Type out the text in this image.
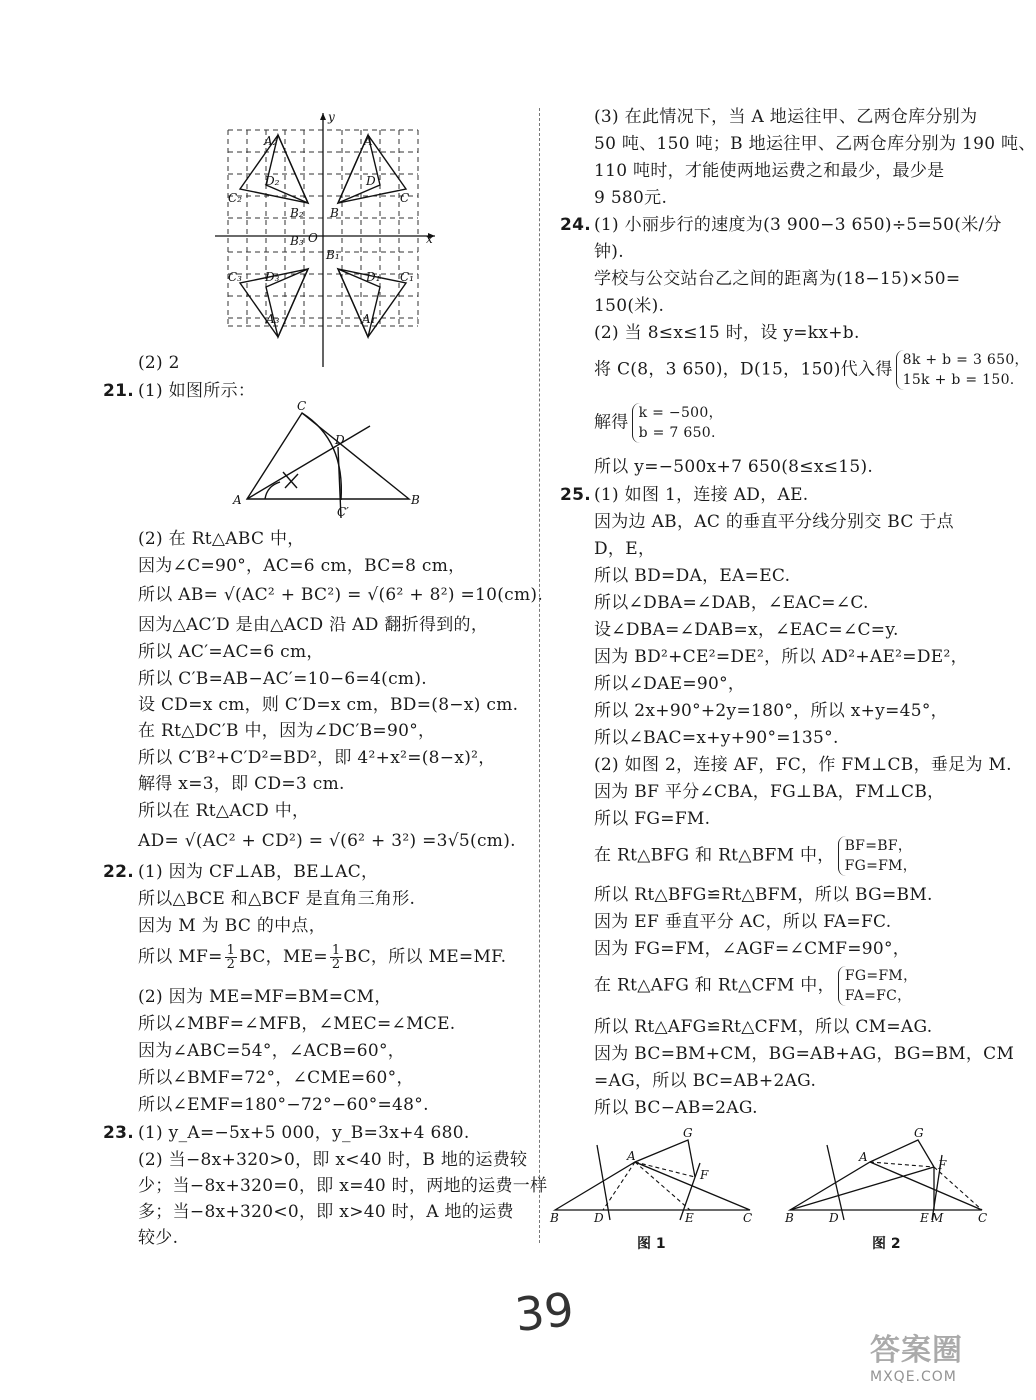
y
x
O
A
A₂
D₂	D
C₂	C
B₂ B
B₃
B₁
C₃ D₃	D₁ C₁
A₃	A₁
(2) 2
21. (1) 如图所示：
A	B
C
D
C′
(2) 在 Rt△ABC 中，
因为∠C=90°，AC=6 cm，BC=8 cm，
所以 AB= √(AC² + BC²) = √(6² + 8²) =10(cm).
因为△AC′D 是由△ACD 沿 AD 翻折得到的，
所以 AC′=AC=6 cm，
所以 C′B=AB−AC′=10−6=4(cm).
设 CD=x cm，则 C′D=x cm，BD=(8−x) cm.
在 Rt△DC′B 中，因为∠DC′B=90°，
所以 C′B²+C′D²=BD²，即 4²+x²=(8−x)²，
解得 x=3，即 CD=3 cm.
所以在 Rt△ACD 中，
AD= √(AC² + CD²) = √(6² + 3²) =3√5(cm).
22. (1) 因为 CF⊥AB，BE⊥AC，
所以△BCE 和△BCF 是直角三角形.
因为 M 为 BC 的中点，
所以 $MF= \frac{1}{2}$ BC，$ME= \frac{1}{2}$ BC，所以 ME=MF.
(2) 因为 ME=MF=BM=CM，
所以∠MBF=∠MFB，∠MEC=∠MCE.
因为∠ABC=54°，∠ACB=60°，
所以∠BMF=72°，∠CME=60°，
所以∠EMF=180°−72°−60°=48°.
23. (1) y_A=−5x+5 000，y_B=3x+4 680.
(2) 当−8x+320>0，即 x<40 时，B 地的运费较
少；当−8x+320=0，即 x=40 时，两地的运费一样
多；当−8x+320<0，即 x>40 时，A 地的运费
较少.
(3) 在此情况下，当 A 地运往甲、乙两仓库分别为
50 吨、150 吨；B 地运往甲、乙两仓库分别为 190 吨、
110 吨时，才能使两地运费之和最少，最少是
9 580元.
24. (1) 小丽步行的速度为(3 900−3 650)÷5=50(米/分
钟).
学校与公交站台乙之间的距离为(18−15)×50=
150(米).
(2) 当 8≤x≤15 时，设 y=kx+b.
将 C(8，3 650)，D(15，150)代入得 8k + b = 3 650，
15k + b = 150.
解得 k = −500，
b = 7 650.
所以 y=−500x+7 650(8≤x≤15).
25. (1) 如图 1，连接 AD，AE.
因为边 AB，AC 的垂直平分线分别交 BC 于点
D，E，
所以 BD=DA，EA=EC.
所以∠DBA=∠DAB，∠EAC=∠C.
设∠DBA=∠DAB=x，∠EAC=∠C=y.
因为 BD²+CE²=DE²，所以 AD²+AE²=DE²，
所以∠DAE=90°，
所以 2x+90°+2y=180°，所以 x+y=45°，
所以∠BAC=x+y+90°=135°.
(2) 如图 2，连接 AF，FC，作 FM⊥CB，垂足为 M.
因为 BF 平分∠CBA，FG⊥BA，FM⊥CB，
所以 FG=FM.
在 Rt△BFG 和 Rt△BFM 中， BF=BF，
FG=FM，
所以 Rt△BFG≌Rt△BFM，所以 BG=BM.
因为 EF 垂直平分 AC，所以 FA=FC.
因为 FG=FM，∠AGF=∠CMF=90°，
在 Rt△AFG 和 Rt△CFM 中， FG=FM，
FA=FC，
所以 Rt△AFG≌Rt△CFM，所以 CM=AG.
因为 BC=BM+CM，BG=AB+AG，BG=BM，CM
=AG，所以 BC=AB+2AG.
所以 BC−AB=2AG.
G
A
F
B	D	E	C
图 1
G
A
F
B	D	E M	C
图 2
39
答案圈
MXQE.COM
